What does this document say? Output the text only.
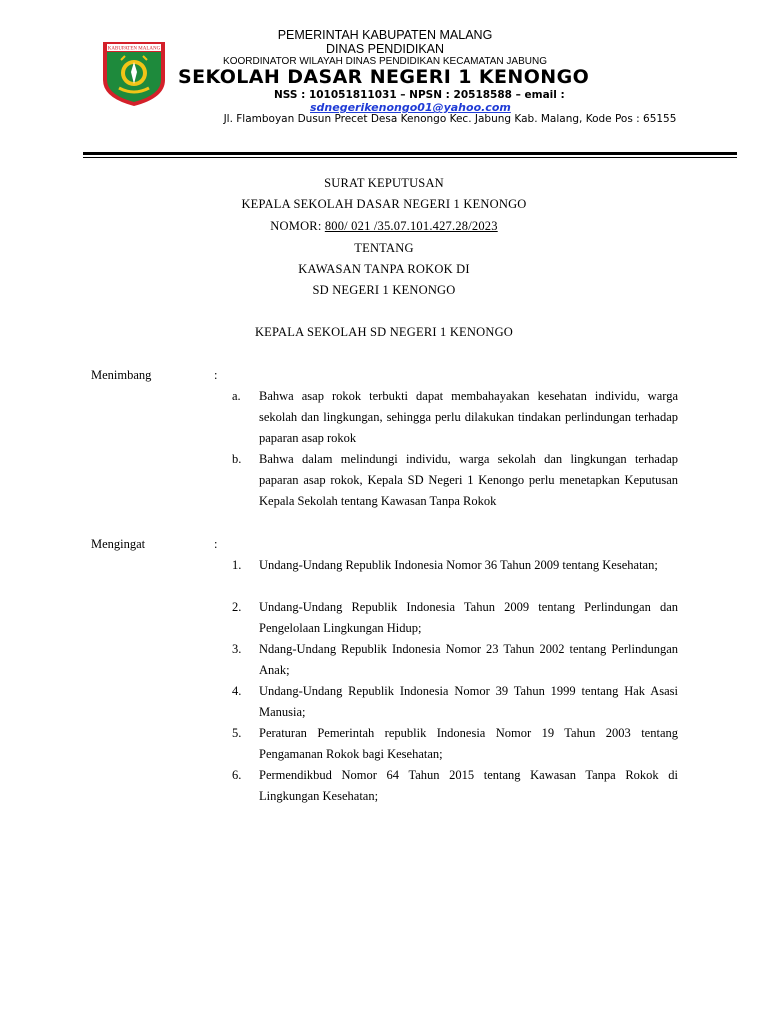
KABUPATEN MALANG
PEMERINTAH KABUPATEN MALANG
DINAS PENDIDIKAN
KOORDINATOR WILAYAH DINAS PENDIDIKAN KECAMATAN JABUNG
SEKOLAH DASAR NEGERI 1 KENONGO
NSS : 101051811031 – NPSN : 20518588 – email :
sdnegerikenongo01@yahoo.com
Jl. Flamboyan Dusun Precet Desa Kenongo Kec. Jabung Kab. Malang, Kode Pos : 65155
SURAT KEPUTUSAN
KEPALA SEKOLAH DASAR NEGERI 1 KENONGO
NOMOR: 800/ 021 /35.07.101.427.28/2023
TENTANG
KAWASAN TANPA ROKOK DI
SD NEGERI 1 KENONGO
KEPALA SEKOLAH SD NEGERI 1 KENONGO
Menimbang	:
a.	Bahwa asap rokok terbukti dapat membahayakan kesehatan individu, warga sekolah dan lingkungan, sehingga perlu dilakukan tindakan perlindungan terhadap paparan asap rokok
b.	Bahwa dalam melindungi individu, warga sekolah dan lingkungan terhadap paparan asap rokok, Kepala SD Negeri 1 Kenongo perlu menetapkan Keputusan Kepala Sekolah tentang Kawasan Tanpa Rokok
Mengingat	:
1.	Undang-Undang Republik Indonesia Nomor 36 Tahun 2009 tentang Kesehatan;
2.	Undang-Undang Republik Indonesia Tahun 2009 tentang Perlindungan dan Pengelolaan Lingkungan Hidup;
3.	Ndang-Undang Republik Indonesia Nomor 23 Tahun 2002 tentang Perlindungan Anak;
4.	Undang-Undang Republik Indonesia Nomor 39 Tahun 1999 tentang Hak Asasi Manusia;
5.	Peraturan Pemerintah republik Indonesia Nomor 19 Tahun 2003 tentang Pengamanan Rokok bagi Kesehatan;
6.	Permendikbud Nomor 64 Tahun 2015 tentang Kawasan Tanpa Rokok di Lingkungan Kesehatan;
